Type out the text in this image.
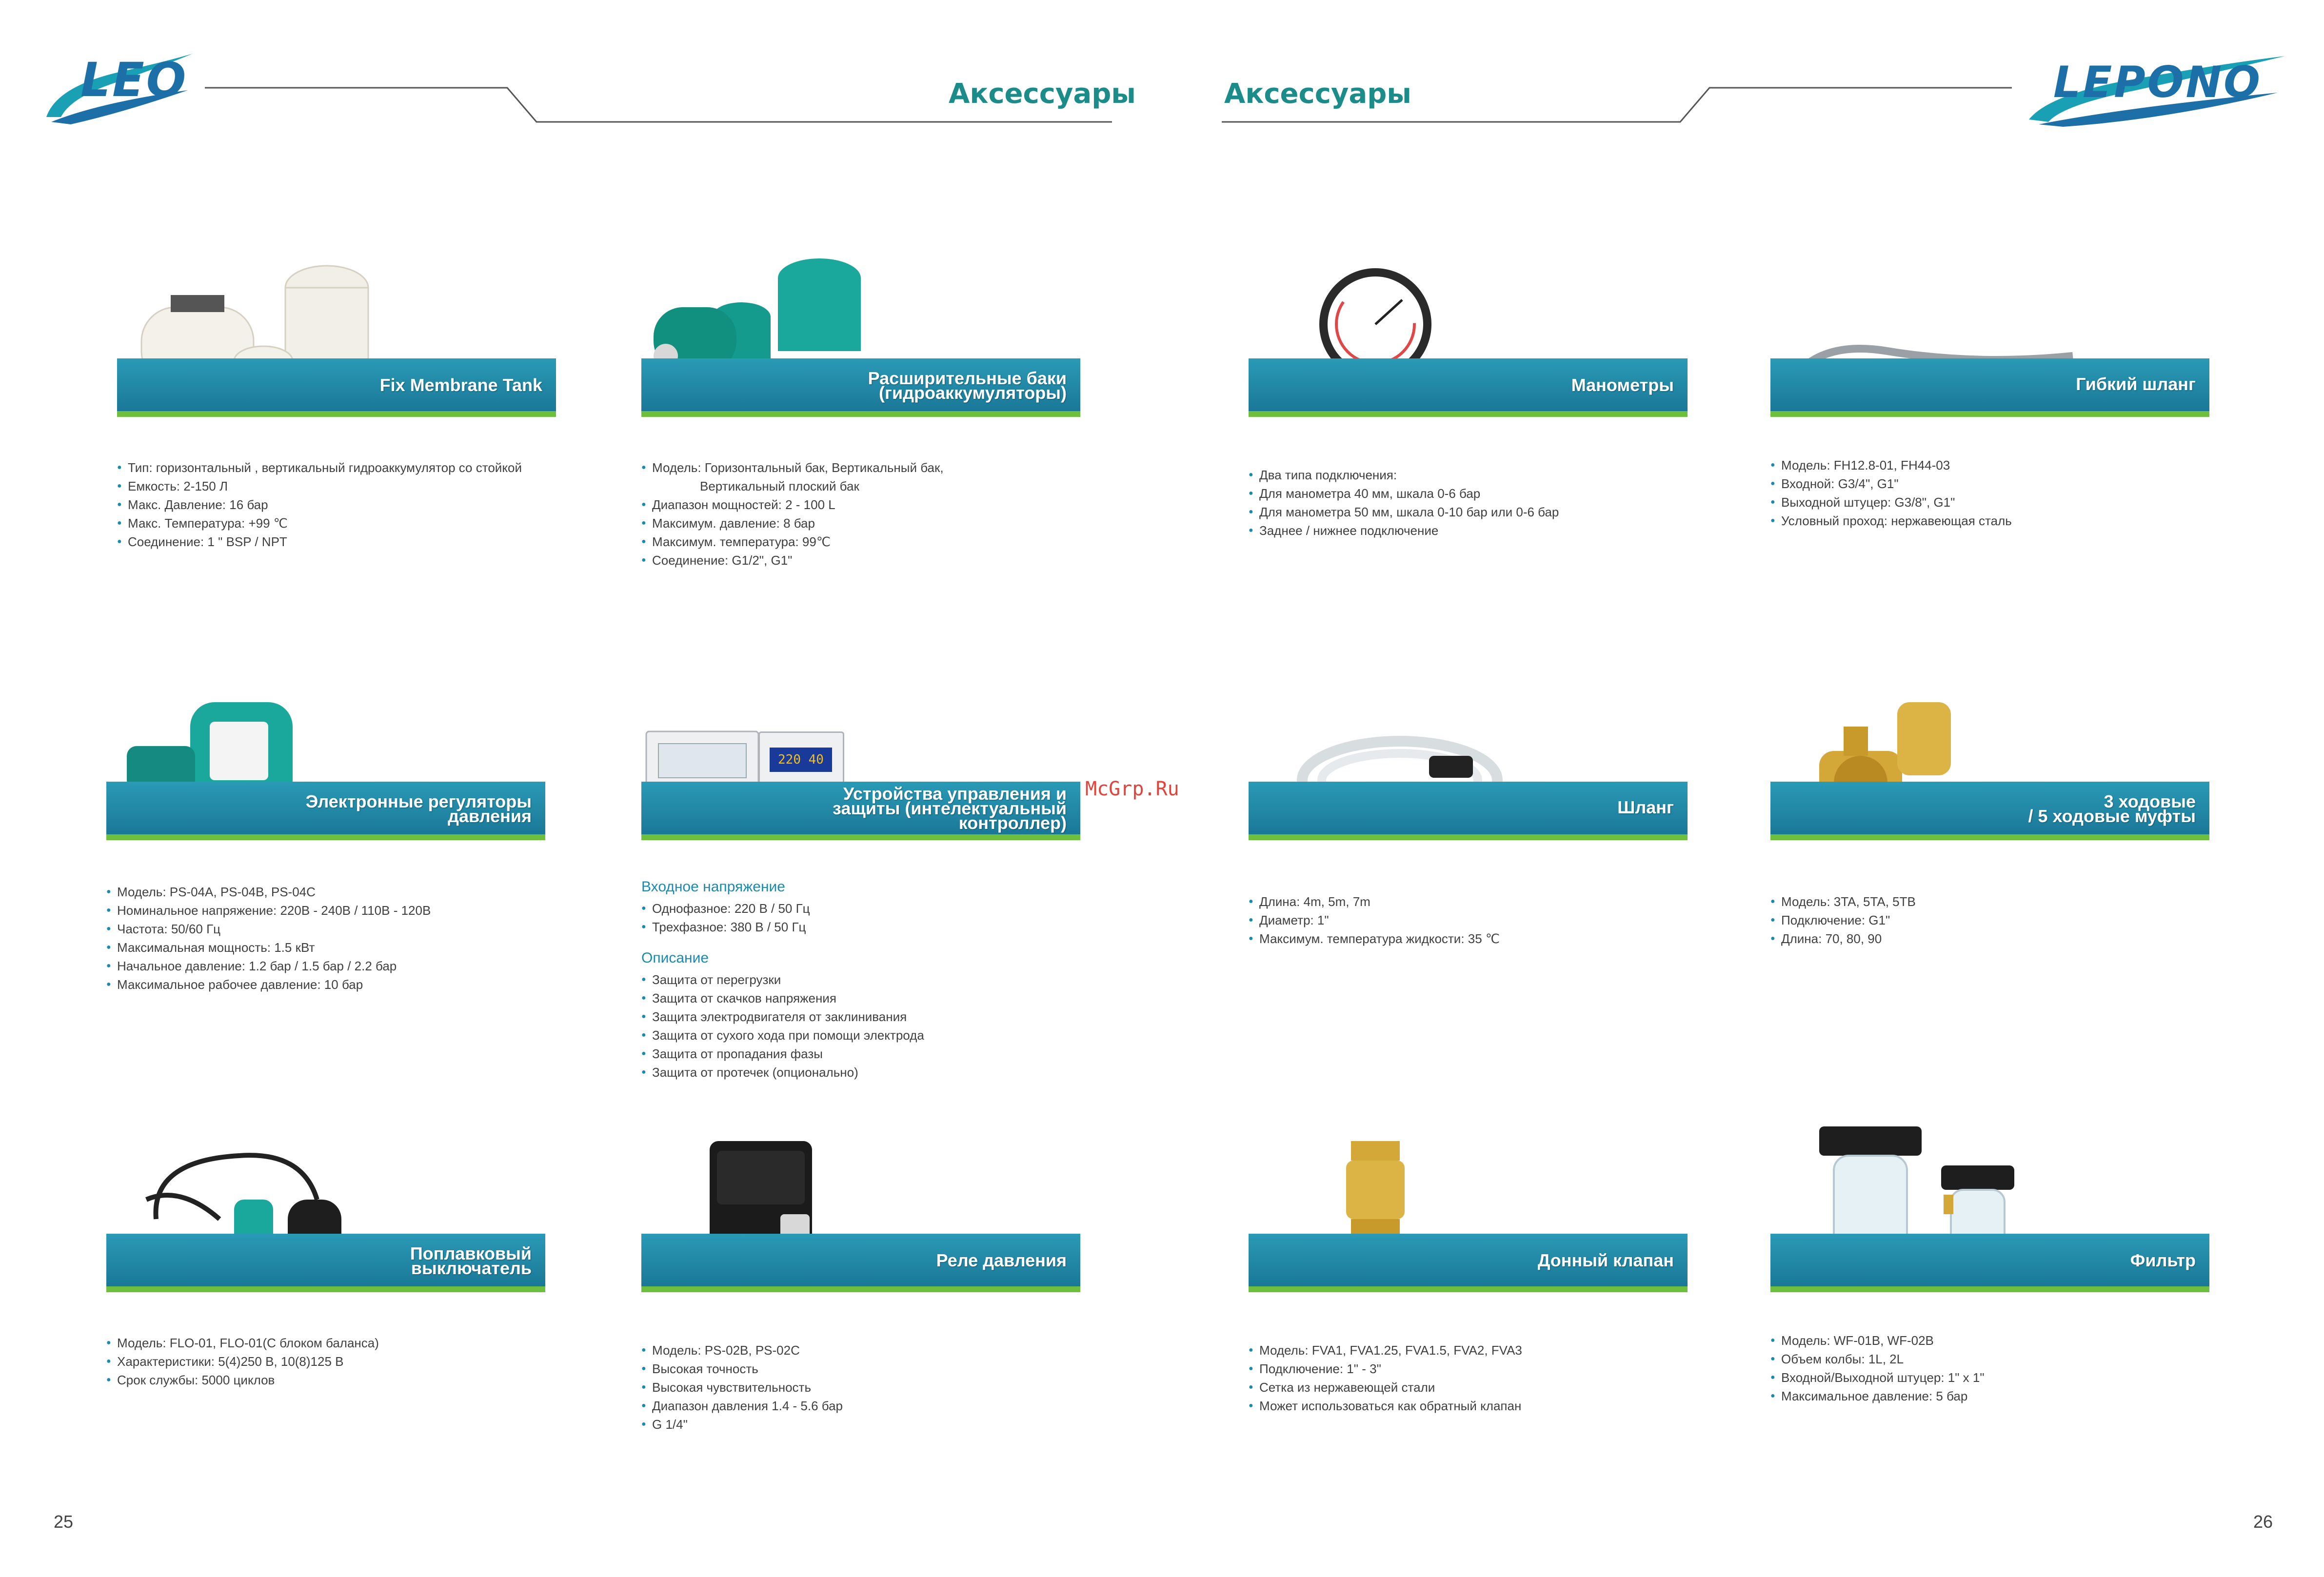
LEO	Аксессуары	Аксессуары	LEPONO
Fix Membrane Tank
● Тип: горизонтальный , вертикальный гидроаккумулятор со стойкой
● Емкость: 2-150 Л
● Макс. Давление: 16 бар
● Макс. Температура: +99 ℃
● Соединение: 1 " BSP / NPT
Расширительные баки
(гидроаккумуляторы)
● Модель: Горизонтальный бак, Вертикальный бак,
Вертикальный плоский бак
● Диапазон мощностей: 2 - 100 L
● Максимум. давление: 8 бар
● Максимум. температура: 99℃
● Соединение: G1/2", G1"
Манометры
● Два типа подключения:
● Для манометра 40 мм, шкала 0-6 бар
● Для манометра 50 мм, шкала 0-10 бар или 0-6 бар
● Заднее / нижнее подключение
Гибкий шланг
● Модель: FH12.8-01, FH44-03
● Входной: G3/4", G1"
● Выходной штуцер: G3/8", G1"
● Условный проход: нержавеющая сталь
Электронные регуляторы
давления
● Модель: PS-04A, PS-04B, PS-04C
● Номинальное напряжение: 220В - 240В / 110В - 120В
● Частота: 50/60 Гц
● Максимальная мощность: 1.5 кВт
● Начальное давление: 1.2 бар / 1.5 бар / 2.2 бар
● Максимальное рабочее давление: 10 бар
220 40
Устройства управления и
защиты (интелектуальный
контроллер)
Входное напряжение
● Однофазное: 220 В / 50 Гц
● Трехфазное: 380 В / 50 Гц
Описание
● Защита от перегрузки
● Защита от скачков напряжения
● Защита электродвигателя от заклинивания
● Защита от сухого хода при помощи электрода
● Защита от пропадания фазы
● Защита от протечек (опционально)
Шланг
● Длина: 4m, 5m, 7m
● Диаметр: 1"
● Максимум. температура жидкости: 35 ℃
3 ходовые
/ 5 ходовые муфты
● Модель: 3TA, 5TA, 5TB
● Подключение: G1"
● Длина: 70, 80, 90
Поплавковый
выключатель
● Модель: FLO-01, FLO-01(С блоком баланса)
● Характеристики: 5(4)250 В, 10(8)125 В
● Срок службы: 5000 циклов
Реле давления
● Модель: PS-02B, PS-02C
● Высокая точность
● Высокая чувствительность
● Диапазон давления 1.4 - 5.6 бар
● G 1/4"
Донный клапан
● Модель: FVA1, FVA1.25, FVA1.5, FVA2, FVA3
● Подключение: 1" - 3"
● Сетка из нержавеющей стали
● Может использоваться как обратный клапан
Фильтр
● Модель: WF-01B, WF-02B
● Объем колбы: 1L, 2L
● Входной/Выходной штуцер: 1" x 1"
● Максимальное давление: 5 бар
McGrp.Ru
25	26
